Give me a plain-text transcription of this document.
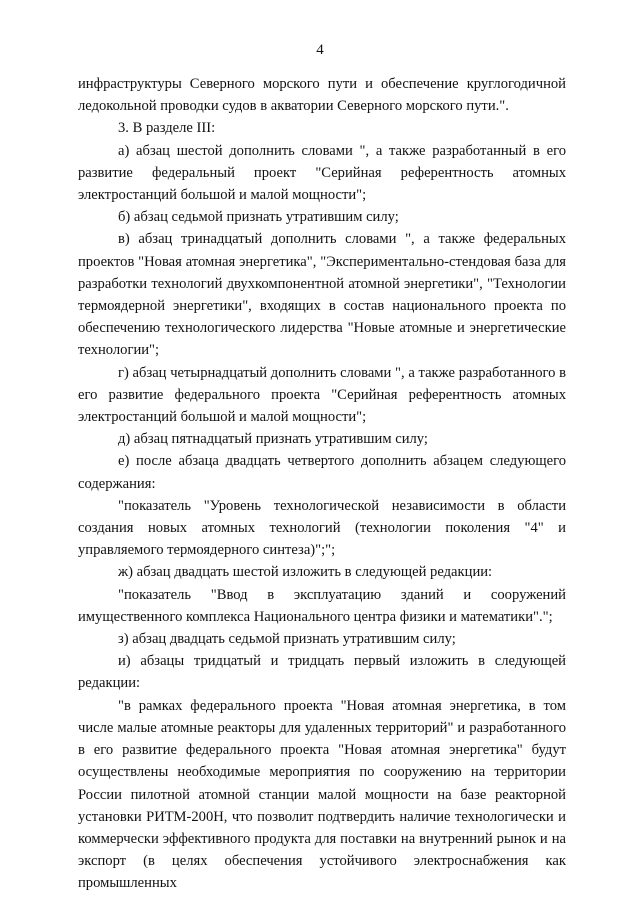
4

инфраструктуры Северного морского пути и обеспечение круглогодичной ледокольной проводки судов в акватории Северного морского пути.".

3. В разделе III:

а) абзац шестой дополнить словами ", а также разработанный в его развитие федеральный проект "Серийная референтность атомных электростанций большой и малой мощности";

б) абзац седьмой признать утратившим силу;

в) абзац тринадцатый дополнить словами ", а также федеральных проектов "Новая атомная энергетика", "Экспериментально-стендовая база для разработки технологий двухкомпонентной атомной энергетики", "Технологии термоядерной энергетики", входящих в состав национального проекта по обеспечению технологического лидерства "Новые атомные и энергетические технологии";

г) абзац четырнадцатый дополнить словами ", а также разработанного в его развитие федерального проекта "Серийная референтность атомных электростанций большой и малой мощности";

д) абзац пятнадцатый признать утратившим силу;

е) после абзаца двадцать четвертого дополнить абзацем следующего содержания:

"показатель "Уровень технологической независимости в области создания новых атомных технологий (технологии поколения "4" и управляемого термоядерного синтеза)";";

ж) абзац двадцать шестой изложить в следующей редакции:

"показатель "Ввод в эксплуатацию зданий и сооружений имущественного комплекса Национального центра физики и математики".";

з) абзац двадцать седьмой признать утратившим силу;

и) абзацы тридцатый и тридцать первый изложить в следующей редакции:

"в рамках федерального проекта "Новая атомная энергетика, в том числе малые атомные реакторы для удаленных территорий" и разработанного в его развитие федерального проекта "Новая атомная энергетика" будут осуществлены необходимые мероприятия по сооружению на территории России пилотной атомной станции малой мощности на базе реакторной установки РИТМ-200Н, что позволит подтвердить наличие технологически и коммерчески эффективного продукта для поставки на внутренний рынок и на экспорт (в целях обеспечения устойчивого электроснабжения как промышленных
